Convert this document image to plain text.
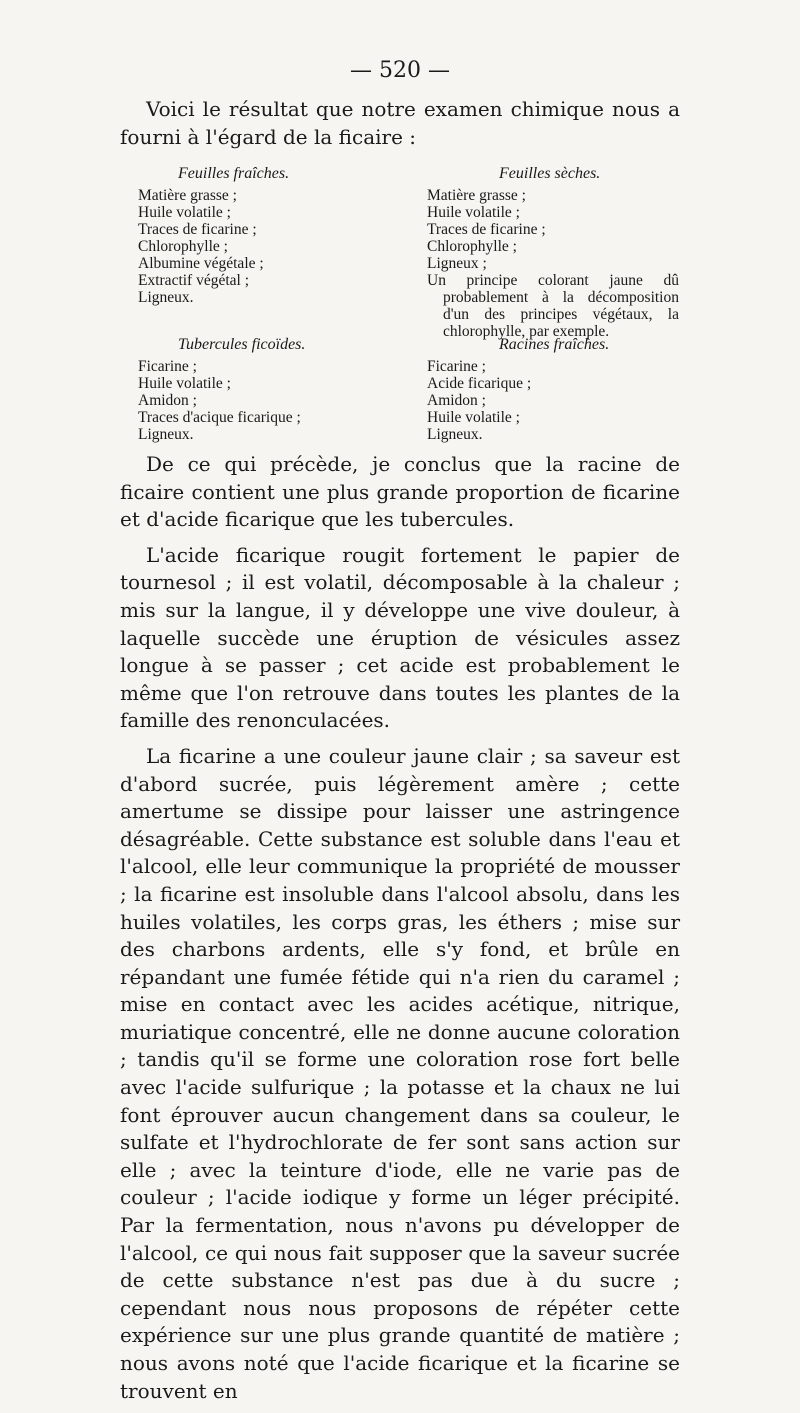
— 520 —

Voici le résultat que notre examen chimique nous a fourni à l'égard de la ficaire :

Feuilles fraîches.
Matière grasse ;
Huile volatile ;
Traces de ficarine ;
Chlorophylle ;
Albumine végétale ;
Extractif végétal ;
Ligneux.
Feuilles sèches.
Matière grasse ;
Huile volatile ;
Traces de ficarine ;
Chlorophylle ;
Ligneux ;
Un principe colorant jaune dû probablement à la décomposition d'un des principes végétaux, la chlorophylle, par exemple.
Tubercules ficoïdes.
Ficarine ;
Huile volatile ;
Amidon ;
Traces d'acique ficarique ;
Ligneux.
Racines fraîches.
Ficarine ;
Acide ficarique ;
Amidon ;
Huile volatile ;
Ligneux.

De ce qui précède, je conclus que la racine de ficaire contient une plus grande proportion de ficarine et d'acide ficarique que les tubercules.

L'acide ficarique rougit fortement le papier de tournesol ; il est volatil, décomposable à la chaleur ; mis sur la langue, il y développe une vive douleur, à laquelle succède une éruption de vésicules assez longue à se passer ; cet acide est probablement le même que l'on retrouve dans toutes les plantes de la famille des renonculacées.

La ficarine a une couleur jaune clair ; sa saveur est d'abord sucrée, puis légèrement amère ; cette amertume se dissipe pour laisser une astringence désagréable. Cette substance est soluble dans l'eau et l'alcool, elle leur communique la propriété de mousser ; la ficarine est insoluble dans l'alcool absolu, dans les huiles volatiles, les corps gras, les éthers ; mise sur des charbons ardents, elle s'y fond, et brûle en répandant une fumée fétide qui n'a rien du caramel ; mise en contact avec les acides acétique, nitrique, muriatique concentré, elle ne donne aucune coloration ; tandis qu'il se forme une coloration rose fort belle avec l'acide sulfurique ; la potasse et la chaux ne lui font éprouver aucun changement dans sa couleur, le sulfate et l'hydrochlorate de fer sont sans action sur elle ; avec la teinture d'iode, elle ne varie pas de couleur ; l'acide iodique y forme un léger précipité. Par la fermentation, nous n'avons pu développer de l'alcool, ce qui nous fait supposer que la saveur sucrée de cette substance n'est pas due à du sucre ; cependant nous nous proposons de répéter cette expérience sur une plus grande quantité de matière ; nous avons noté que l'acide ficarique et la ficarine se trouvent en
